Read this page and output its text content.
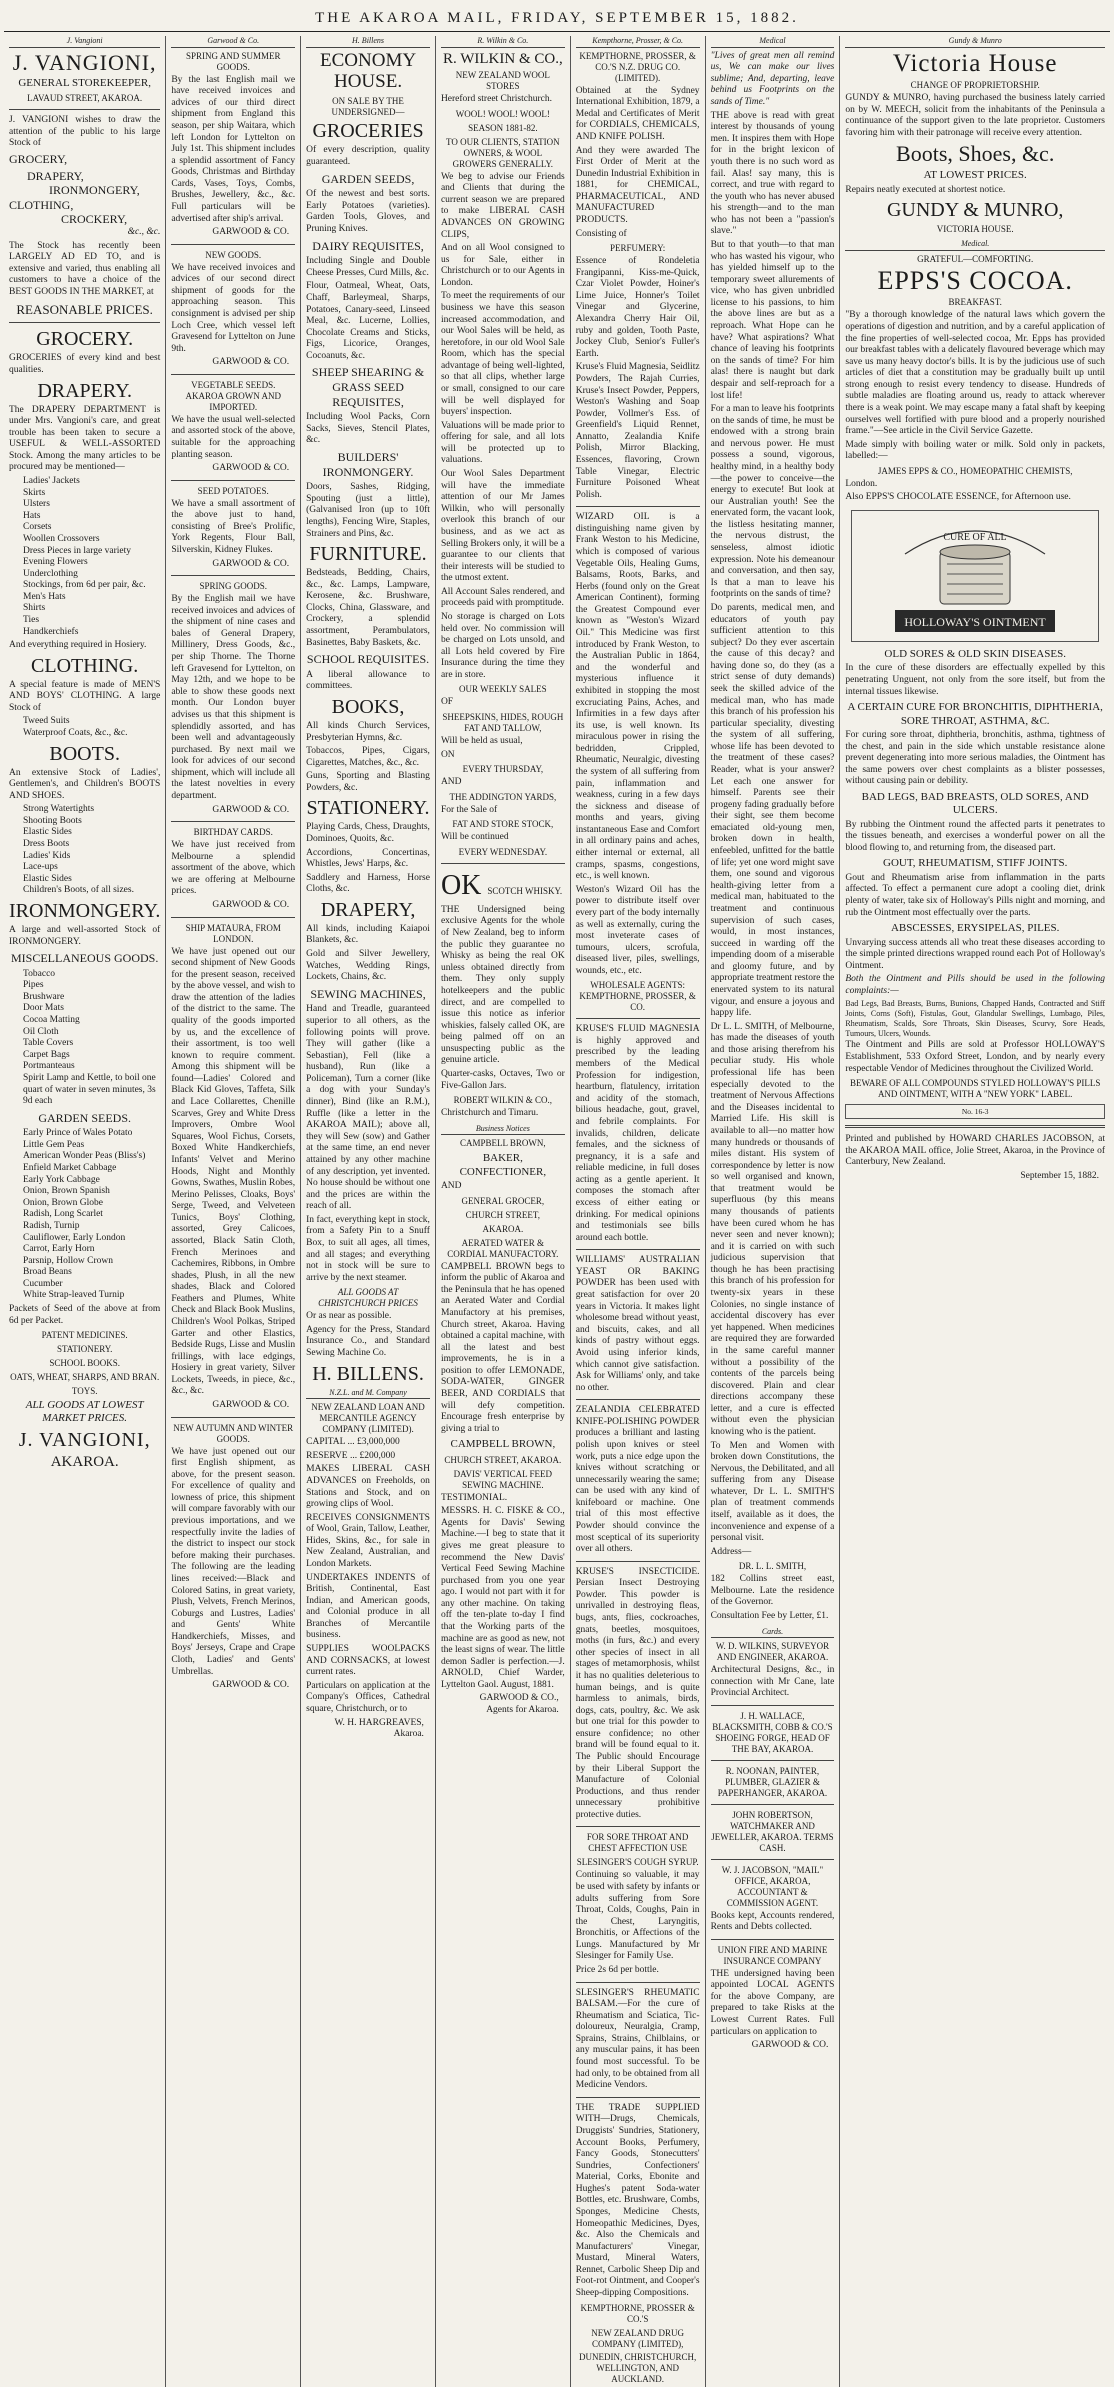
THE AKAROA MAIL, FRIDAY, SEPTEMBER 15, 1882.
J. Vangioni
J. VANGIONI,
GENERAL STOREKEEPER,
LAVAUD STREET, AKAROA.
J. VANGIONI wishes to draw the attention of the public to his large Stock of
GROCERY,
DRAPERY,
IRONMONGERY,
CLOTHING,
CROCKERY,
&c., &c.
The Stock has recently been LARGELY AD ED TO, and is extensive and varied, thus enabling all customers to have a choice of the BEST GOODS IN THE MARKET, at
REASONABLE PRICES.
GROCERY.
GROCERIES of every kind and best qualities.
DRAPERY.
The DRAPERY DEPARTMENT is under Mrs. Vangioni's care, and great trouble has been taken to secure a USEFUL & WELL-ASSORTED Stock. Among the many articles to be procured may be mentioned—
Ladies' Jackets
Skirts
Ulsters
Hats
Corsets
Woollen Crossovers
Dress Pieces in large variety
Evening Flowers
Underclothing
Stockings, from 6d per pair, &c.
Men's Hats
Shirts
Ties
Handkerchiefs
And everything required in Hosiery.
CLOTHING.
A special feature is made of MEN'S AND BOYS' CLOTHING. A large Stock of
Tweed Suits
Waterproof Coats, &c., &c.
BOOTS.
An extensive Stock of Ladies', Gentlemen's, and Children's BOOTS AND SHOES.
Strong Watertights
Shooting Boots
Elastic Sides
Dress Boots
Ladies' Kids
Lace-ups
Elastic Sides
Children's Boots, of all sizes.
IRONMONGERY.
A large and well-assorted Stock of IRONMONGERY.
MISCELLANEOUS GOODS.
Tobacco
Pipes
Brushware
Door Mats
Cocoa Matting
Oil Cloth
Table Covers
Carpet Bags
Portmanteaus
Spirit Lamp and Kettle, to boil one quart of water in seven minutes, 3s 9d each
GARDEN SEEDS.
Early Prince of Wales Potato
Little Gem Peas
American Wonder Peas (Bliss's)
Enfield Market Cabbage
Early York Cabbage
Onion, Brown Spanish
Onion, Brown Globe
Radish, Long Scarlet
Radish, Turnip
Cauliflower, Early London
Carrot, Early Horn
Parsnip, Hollow Crown
Broad Beans
Cucumber
White Strap-leaved Turnip
Packets of Seed of the above at from 6d per Packet.
PATENT MEDICINES.
STATIONERY.
SCHOOL BOOKS.
OATS, WHEAT, SHARPS, AND BRAN.
TOYS.
ALL GOODS AT LOWEST MARKET PRICES.
J. VANGIONI,
AKAROA.
Garwood & Co.
SPRING AND SUMMER GOODS.
By the last English mail we have received invoices and advices of our third direct shipment from England this season, per ship Waitara, which left London for Lyttelton on July 1st. This shipment includes a splendid assortment of Fancy Goods, Christmas and Birthday Cards, Vases, Toys, Combs, Brushes, Jewellery, &c., &c. Full particulars will be advertised after ship's arrival.
GARWOOD & CO.
NEW GOODS.
We have received invoices and advices of our second direct shipment of goods for the approaching season. This consignment is advised per ship Loch Cree, which vessel left Gravesend for Lyttelton on June 9th.
GARWOOD & CO.
VEGETABLE SEEDS. AKAROA GROWN AND IMPORTED.
We have the usual well-selected and assorted stock of the above, suitable for the approaching planting season.
GARWOOD & CO.
SEED POTATOES.
We have a small assortment of the above just to hand, consisting of Bree's Prolific, York Regents, Flour Ball, Silverskin, Kidney Flukes.
GARWOOD & CO.
SPRING GOODS.
By the English mail we have received invoices and advices of the shipment of nine cases and bales of General Drapery, Millinery, Dress Goods, &c., per ship Thorne. The Thorne left Gravesend for Lyttelton, on May 12th, and we hope to be able to show these goods next month. Our London buyer advises us that this shipment is splendidly assorted, and has been well and advantageously purchased. By next mail we look for advices of our second shipment, which will include all the latest novelties in every department.
GARWOOD & CO.
BIRTHDAY CARDS.
We have just received from Melbourne a splendid assortment of the above, which we are offering at Melbourne prices.
GARWOOD & CO.
SHIP MATAURA, FROM LONDON.
We have just opened out our second shipment of New Goods for the present season, received by the above vessel, and wish to draw the attention of the ladies of the district to the same. The quality of the goods imported by us, and the excellence of their assortment, is too well known to require comment. Among this shipment will be found—Ladies' Colored and Black Kid Gloves, Taffeta, Silk and Lace Collarettes, Chenille Scarves, Grey and White Dress Improvers, Ombre Wool Squares, Wool Fichus, Corsets, Boxed White Handkerchiefs, Infants' Velvet and Merino Hoods, Night and Monthly Gowns, Swathes, Muslin Robes, Merino Pelisses, Cloaks, Boys' Serge, Tweed, and Velveteen Tunics, Boys' Clothing, assorted, Grey Calicoes, assorted, Black Satin Cloth, French Merinoes and Cachemires, Ribbons, in Ombre shades, Plush, in all the new shades, Black and Colored Feathers and Plumes, White Check and Black Book Muslins, Children's Wool Polkas, Striped Garter and other Elastics, Bedside Rugs, Lisse and Muslin frillings, with lace edgings, Hosiery in great variety, Silver Lockets, Tweeds, in piece, &c., &c., &c.
GARWOOD & CO.
NEW AUTUMN AND WINTER GOODS.
We have just opened out our first English shipment, as above, for the present season. For excellence of quality and lowness of price, this shipment will compare favorably with our previous importations, and we respectfully invite the ladies of the district to inspect our stock before making their purchases. The following are the leading lines received:—Black and Colored Satins, in great variety, Plush, Velvets, French Merinos, Coburgs and Lustres, Ladies' and Gents' White Handkerchiefs, Misses, and Boys' Jerseys, Crape and Crape Cloth, Ladies' and Gents' Umbrellas.
GARWOOD & CO.
H. Billens
ECONOMY HOUSE.
ON SALE BY THE UNDERSIGNED—
GROCERIES
Of every description, quality guaranteed.
GARDEN SEEDS,
Of the newest and best sorts. Early Potatoes (varieties). Garden Tools, Gloves, and Pruning Knives.
DAIRY REQUISITES,
Including Single and Double Cheese Presses, Curd Mills, &c.
Flour, Oatmeal, Wheat, Oats, Chaff, Barleymeal, Sharps, Potatoes, Canary-seed, Linseed Meal, &c. Lucerne, Lollies, Chocolate Creams and Sticks, Figs, Licorice, Oranges, Cocoanuts, &c.
SHEEP SHEARING & GRASS SEED REQUISITES,
Including Wool Packs, Corn Sacks, Sieves, Stencil Plates, &c.
BUILDERS' IRONMONGERY.
Doors, Sashes, Ridging, Spouting (just a little), (Galvanised Iron (up to 10ft lengths), Fencing Wire, Staples, Strainers and Pins, &c.
FURNITURE.
Bedsteads, Bedding, Chairs, &c., &c. Lamps, Lampware, Kerosene, &c. Brushware, Clocks, China, Glassware, and Crockery, a splendid assortment, Perambulators, Basinettes, Baby Baskets, &c.
SCHOOL REQUISITES.
A liberal allowance to committees.
BOOKS,
All kinds Church Services, Presbyterian Hymns, &c.
Tobaccos, Pipes, Cigars, Cigarettes, Matches, &c., &c.
Guns, Sporting and Blasting Powders, &c.
STATIONERY.
Playing Cards, Chess, Draughts, Dominoes, Quoits, &c.
Accordions, Concertinas, Whistles, Jews' Harps, &c.
Saddlery and Harness, Horse Cloths, &c.
DRAPERY,
All kinds, including Kaiapoi Blankets, &c.
Gold and Silver Jewellery, Watches, Wedding Rings, Lockets, Chains, &c.
SEWING MACHINES,
Hand and Treadle, guaranteed superior to all others, as the following points will prove. They will gather (like a Sebastian), Fell (like a husband), Run (like a Policeman), Turn a corner (like a dog with your Sunday's dinner), Bind (like an R.M.), Ruffle (like a letter in the AKAROA MAIL); above all, they will Sew (sow) and Gather at the same time, an end never attained by any other machine of any description, yet invented. No house should be without one and the prices are within the reach of all.
In fact, everything kept in stock, from a Safety Pin to a Snuff Box, to suit all ages, all times, and all stages; and everything not in stock will be sure to arrive by the next steamer.
ALL GOODS AT CHRISTCHURCH PRICES
Or as near as possible.
Agency for the Press, Standard Insurance Co., and Standard Sewing Machine Co.
H. BILLENS.
N.Z.L. and M. Company
NEW ZEALAND LOAN AND MERCANTILE AGENCY COMPANY (LIMITED).
CAPITAL ... £3,000,000
RESERVE ... £200,000
MAKES LIBERAL CASH ADVANCES on Freeholds, on Stations and Stock, and on growing clips of Wool.
RECEIVES CONSIGNMENTS of Wool, Grain, Tallow, Leather, Hides, Skins, &c., for sale in New Zealand, Australian, and London Markets.
UNDERTAKES INDENTS of British, Continental, East Indian, and American goods, and Colonial produce in all Branches of Mercantile business.
SUPPLIES WOOLPACKS AND CORNSACKS, at lowest current rates.
Particulars on application at the Company's Offices, Cathedral square, Christchurch, or to
W. H. HARGREAVES,
Akaroa.
R. Wilkin & Co.
R. WILKIN & CO.,
NEW ZEALAND WOOL STORES
Hereford street Christchurch.
WOOL! WOOL! WOOL!
SEASON 1881-82.
TO OUR CLIENTS, STATION OWNERS, & WOOL GROWERS GENERALLY.
We beg to advise our Friends and Clients that during the current season we are prepared to make LIBERAL CASH ADVANCES ON GROWING CLIPS,
And on all Wool consigned to us for Sale, either in Christchurch or to our Agents in London.
To meet the requirements of our business we have this season increased accommodation, and our Wool Sales will be held, as heretofore, in our old Wool Sale Room, which has the special advantage of being well-lighted, so that all clips, whether large or small, consigned to our care will be well displayed for buyers' inspection.
Valuations will be made prior to offering for sale, and all lots will be protected up to valuations.
Our Wool Sales Department will have the immediate attention of our Mr James Wilkin, who will personally overlook this branch of our business, and as we act as Selling Brokers only, it will be a guarantee to our clients that their interests will be studied to the utmost extent.
All Account Sales rendered, and proceeds paid with promptitude.
No storage is charged on Lots held over. No commission will be charged on Lots unsold, and all Lots held covered by Fire Insurance during the time they are in store.
OUR WEEKLY SALES
OF
SHEEPSKINS, HIDES, ROUGH FAT AND TALLOW,
Will be held as usual,
ON
EVERY THURSDAY,
AND
THE ADDINGTON YARDS,
For the Sale of
FAT AND STORE STOCK,
Will be continued
EVERY WEDNESDAY.
OK SCOTCH WHISKY.
THE Undersigned being exclusive Agents for the whole of New Zealand, beg to inform the public they guarantee no Whisky as being the real OK unless obtained directly from them. They only supply hotelkeepers and the public direct, and are compelled to issue this notice as inferior whiskies, falsely called OK, are being palmed off on an unsuspecting public as the genuine article.
Quarter-casks, Octaves, Two or Five-Gallon Jars.
ROBERT WILKIN & CO.,
Christchurch and Timaru.
Business Notices
CAMPBELL BROWN,
BAKER, CONFECTIONER,
AND
GENERAL GROCER,
CHURCH STREET,
AKAROA.
AERATED WATER & CORDIAL MANUFACTORY.
CAMPBELL BROWN begs to inform the public of Akaroa and the Peninsula that he has opened an Aerated Water and Cordial Manufactory at his premises, Church street, Akaroa. Having obtained a capital machine, with all the latest and best improvements, he is in a position to offer LEMONADE, SODA-WATER, GINGER BEER, AND CORDIALS that will defy competition. Encourage fresh enterprise by giving a trial to
CAMPBELL BROWN,
CHURCH STREET, AKAROA.
DAVIS' VERTICAL FEED SEWING MACHINE.
TESTIMONIAL.
MESSRS. H. C. FISKE & CO., Agents for Davis' Sewing Machine.—I beg to state that it gives me great pleasure to recommend the New Davis' Vertical Feed Sewing Machine purchased from you one year ago. I would not part with it for any other machine. On taking off the ten-plate to-day I find that the Working parts of the machine are as good as new, not the least signs of wear. The little demon Sadler is perfection.—J. ARNOLD, Chief Warder, Lyttelton Gaol. August, 1881.
GARWOOD & CO.,
Agents for Akaroa.
Kempthorne, Prosser, & Co.
KEMPTHORNE, PROSSER, & CO.'S N.Z. DRUG CO. (LIMITED).
Obtained at the Sydney International Exhibition, 1879, a Medal and Certificates of Merit for CORDIALS, CHEMICALS, AND KNIFE POLISH.
And they were awarded The First Order of Merit at the Dunedin Industrial Exhibition in 1881, for CHEMICAL, PHARMACEUTICAL, AND MANUFACTURED PRODUCTS.
Consisting of
PERFUMERY:
Essence of Rondeletia Frangipanni, Kiss-me-Quick, Czar Violet Powder, Hoiner's Lime Juice, Honner's Toilet Vinegar and Glycerine, Alexandra Cherry Hair Oil, ruby and golden, Tooth Paste, Jockey Club, Senior's Fuller's Earth.
Kruse's Fluid Magnesia, Seidlitz Powders, The Rajah Curries, Kruse's Insect Powder, Peppers, Weston's Washing and Soap Powder, Vollmer's Ess. of Greenfield's Liquid Rennet, Annatto, Zealandia Knife Polish, Mirror Blacking, Essences, flavoring, Crown Table Vinegar, Electric Furniture Poisoned Wheat Polish.
WIZARD OIL is a distinguishing name given by Frank Weston to his Medicine, which is composed of various Vegetable Oils, Healing Gums, Balsams, Roots, Barks, and Herbs (found only on the Great American Continent), forming the Greatest Compound ever known as "Weston's Wizard Oil." This Medicine was first introduced by Frank Weston, to the Australian Public in 1864, and the wonderful and mysterious influence it exhibited in stopping the most excruciating Pains, Aches, and Infirmities in a few days after its use, is well known. Its miraculous power in rising the bedridden, Crippled, Rheumatic, Neuralgic, divesting the system of all suffering from pain, inflammation and weakness, curing in a few days the sickness and disease of months and years, giving instantaneous Ease and Comfort in all ordinary pains and aches, either internal or external, all cramps, spasms, congestions, etc., is well known.
Weston's Wizard Oil has the power to distribute itself over every part of the body internally as well as externally, curing the most inveterate cases of tumours, ulcers, scrofula, diseased liver, piles, swellings, wounds, etc., etc.
WHOLESALE AGENTS: KEMPTHORNE, PROSSER, & CO.
KRUSE'S FLUID MAGNESIA is highly approved and prescribed by the leading members of the Medical Profession for indigestion, heartburn, flatulency, irritation and acidity of the stomach, bilious headache, gout, gravel, and febrile complaints. For invalids, children, delicate females, and the sickness of pregnancy, it is a safe and reliable medicine, in full doses acting as a gentle aperient. It composes the stomach after excess of either eating or drinking. For medical opinions and testimonials see bills around each bottle.
WILLIAMS' AUSTRALIAN YEAST OR BAKING POWDER has been used with great satisfaction for over 20 years in Victoria. It makes light wholesome bread without yeast, and biscuits, cakes, and all kinds of pastry without eggs. Avoid using inferior kinds, which cannot give satisfaction. Ask for Williams' only, and take no other.
ZEALANDIA CELEBRATED KNIFE-POLISHING POWDER produces a brilliant and lasting polish upon knives or steel work, puts a nice edge upon the knives without scratching or unnecessarily wearing the same; can be used with any kind of knifeboard or machine. One trial of this most effective Powder should convince the most sceptical of its superiority over all others.
KRUSE'S INSECTICIDE. Persian Insect Destroying Powder. This powder is unrivalled in destroying fleas, bugs, ants, flies, cockroaches, gnats, beetles, mosquitoes, moths (in furs, &c.) and every other species of insect in all stages of metamorphosis, whilst it has no qualities deleterious to human beings, and is quite harmless to animals, birds, dogs, cats, poultry, &c. We ask but one trial for this powder to ensure confidence; no other brand will be found equal to it. The Public should Encourage by their Liberal Support the Manufacture of Colonial Productions, and thus render unnecessary prohibitive protective duties.
FOR SORE THROAT AND CHEST AFFECTION USE
SLESINGER'S COUGH SYRUP.
Continuing so valuable, it may be used with safety by infants or adults suffering from Sore Throat, Colds, Coughs, Pain in the Chest, Laryngitis, Bronchitis, or Affections of the Lungs. Manufactured by Mr Slesinger for Family Use.
Price 2s 6d per bottle.
SLESINGER'S RHEUMATIC BALSAM.—For the cure of Rheumatism and Sciatica, Tic-doloureux, Neuralgia, Cramp, Sprains, Strains, Chilblains, or any muscular pains, it has been found most successful. To be had only, to be obtained from all Medicine Vendors.
THE TRADE SUPPLIED WITH—Drugs, Chemicals, Druggists' Sundries, Stationery, Account Books, Perfumery, Fancy Goods, Stonecutters' Sundries, Confectioners' Material, Corks, Ebonite and Hughes's patent Soda-water Bottles, etc. Brushware, Combs, Sponges, Medicine Chests, Homeopathic Medicines, Dyes, &c. Also the Chemicals and Manufacturers' Vinegar, Mustard, Mineral Waters, Rennet, Carbolic Sheep Dip and Foot-rot Ointment, and Cooper's Sheep-dipping Compositions.
KEMPTHORNE, PROSSER & CO.'S
NEW ZEALAND DRUG COMPANY (LIMITED),
DUNEDIN, CHRISTCHURCH, WELLINGTON, AND AUCKLAND.
Medical
"Lives of great men all remind us, We can make our lives sublime; And, departing, leave behind us Footprints on the sands of Time."
THE above is read with great interest by thousands of young men. It inspires them with Hope for in the bright lexicon of youth there is no such word as fail. Alas! say many, this is correct, and true with regard to the youth who has never abused his strength—and to the man who has not been a "passion's slave."
But to that youth—to that man who has wasted his vigour, who has yielded himself up to the temporary sweet allurements of vice, who has given unbridled license to his passions, to him the above lines are but as a reproach. What Hope can he have? What aspirations? What chance of leaving his footprints on the sands of time? For him alas! there is naught but dark despair and self-reproach for a lost life!
For a man to leave his footprints on the sands of time, he must be endowed with a strong brain and nervous power. He must possess a sound, vigorous, healthy mind, in a healthy body—the power to conceive—the energy to execute! But look at our Australian youth! See the enervated form, the vacant look, the listless hesitating manner, the nervous distrust, the senseless, almost idiotic expression. Note his demeanour and conversation, and then say, Is that a man to leave his footprints on the sands of time?
Do parents, medical men, and educators of youth pay sufficient attention to this subject? Do they ever ascertain the cause of this decay? and having done so, do they (as a strict sense of duty demands) seek the skilled advice of the medical man, who has made this branch of his profession his particular speciality, divesting the system of all suffering, whose life has been devoted to the treatment of these cases? Reader, what is your answer? Let each one answer for himself. Parents see their progeny fading gradually before their sight, see them become emaciated old-young men, broken down in health, enfeebled, unfitted for the battle of life; yet one word might save them, one sound and vigorous health-giving letter from a medical man, habituated to the treatment and continuous supervision of such cases, would, in most instances, succeed in warding off the impending doom of a miserable and gloomy future, and by appropriate treatment restore the enervated system to its natural vigour, and ensure a joyous and happy life.
Dr L. L. SMITH, of Melbourne, has made the diseases of youth and those arising therefrom his peculiar study. His whole professional life has been especially devoted to the treatment of Nervous Affections and the Diseases incidental to Married Life. His skill is available to all—no matter how many hundreds or thousands of miles distant. His system of correspondence by letter is now so well organised and known, that treatment would be superfluous (by this means many thousands of patients have been cured whom he has never seen and never known); and it is carried on with such judicious supervision that though he has been practising this branch of his profession for twenty-six years in these Colonies, no single instance of accidental discovery has ever yet happened. When medicines are required they are forwarded in the same careful manner without a possibility of the contents of the parcels being discovered. Plain and clear directions accompany these letter, and a cure is effected without even the physician knowing who is the patient.
To Men and Women with broken down Constitutions, the Nervous, the Debilitated, and all suffering from any Disease whatever, Dr L. L. SMITH'S plan of treatment commends itself, available as it does, the inconvenience and expense of a personal visit.
Address—
DR. L. L. SMITH,
182 Collins street east, Melbourne. Late the residence of the Governor.
Consultation Fee by Letter, £1.
Cards.
W. D. WILKINS, SURVEYOR AND ENGINEER, AKAROA.
Architectural Designs, &c., in connection with Mr Cane, late Provincial Architect.
J. H. WALLACE, BLACKSMITH, COBB & CO.'S SHOEING FORGE, HEAD OF THE BAY, AKAROA.
R. NOONAN, PAINTER, PLUMBER, GLAZIER & PAPERHANGER, AKAROA.
JOHN ROBERTSON, WATCHMAKER AND JEWELLER, AKAROA. TERMS CASH.
W. J. JACOBSON, "MAIL" OFFICE, AKAROA, ACCOUNTANT & COMMISSION AGENT.
Books kept, Accounts rendered, Rents and Debts collected.
UNION FIRE AND MARINE INSURANCE COMPANY
THE undersigned having been appointed LOCAL AGENTS for the above Company, are prepared to take Risks at the Lowest Current Rates. Full particulars on application to
GARWOOD & CO.
Gundy & Munro
Victoria House
CHANGE OF PROPRIETORSHIP.
GUNDY & MUNRO, having purchased the business lately carried on by W. MEECH, solicit from the inhabitants of the Peninsula a continuance of the support given to the late proprietor. Customers favoring him with their patronage will receive every attention.
Boots, Shoes, &c.
AT LOWEST PRICES.
Repairs neatly executed at shortest notice.
GUNDY & MUNRO,
VICTORIA HOUSE.
Medical.
GRATEFUL—COMFORTING.
EPPS'S COCOA.
BREAKFAST.
"By a thorough knowledge of the natural laws which govern the operations of digestion and nutrition, and by a careful application of the fine properties of well-selected cocoa, Mr. Epps has provided our breakfast tables with a delicately flavoured beverage which may save us many heavy doctor's bills. It is by the judicious use of such articles of diet that a constitution may be gradually built up until strong enough to resist every tendency to disease. Hundreds of subtle maladies are floating around us, ready to attack wherever there is a weak point. We may escape many a fatal shaft by keeping ourselves well fortified with pure blood and a properly nourished frame."—See article in the Civil Service Gazette.
Made simply with boiling water or milk. Sold only in packets, labelled:—
JAMES EPPS & CO., HOMEOPATHIC CHEMISTS,
London.
Also EPPS'S CHOCOLATE ESSENCE, for Afternoon use.
CURE OF ALL
HOLLOWAY'S OINTMENT
OLD SORES & OLD SKIN DISEASES.
In the cure of these disorders are effectually expelled by this penetrating Unguent, not only from the sore itself, but from the internal tissues likewise.
A CERTAIN CURE FOR BRONCHITIS, DIPHTHERIA, SORE THROAT, ASTHMA, &C.
For curing sore throat, diphtheria, bronchitis, asthma, tightness of the chest, and pain in the side which unstable resistance alone prevent degenerating into more serious maladies, the Ointment has the same powers over chest complaints as a blister possesses, without causing pain or debility.
BAD LEGS, BAD BREASTS, OLD SORES, AND ULCERS.
By rubbing the Ointment round the affected parts it penetrates to the tissues beneath, and exercises a wonderful power on all the blood flowing to, and returning from, the diseased part.
GOUT, RHEUMATISM, STIFF JOINTS.
Gout and Rheumatism arise from inflammation in the parts affected. To effect a permanent cure adopt a cooling diet, drink plenty of water, take six of Holloway's Pills night and morning, and rub the Ointment most effectually over the parts.
ABSCESSES, ERYSIPELAS, PILES.
Unvarying success attends all who treat these diseases according to the simple printed directions wrapped round each Pot of Holloway's Ointment.
Both the Ointment and Pills should be used in the following complaints:—
Bad Legs, Bad Breasts, Burns, Bunions, Chapped Hands, Contracted and Stiff Joints, Corns (Soft), Fistulas, Gout, Glandular Swellings, Lumbago, Piles, Rheumatism, Scalds, Sore Throats, Skin Diseases, Scurvy, Sore Heads, Tumours, Ulcers, Wounds.
The Ointment and Pills are sold at Professor HOLLOWAY'S Establishment, 533 Oxford Street, London, and by nearly every respectable Vendor of Medicines throughout the Civilized World.
BEWARE OF ALL COMPOUNDS STYLED HOLLOWAY'S PILLS AND OINTMENT, WITH A "NEW YORK" LABEL.
No. 16-3
Printed and published by HOWARD CHARLES JACOBSON, at the AKAROA MAIL office, Jolie Street, Akaroa, in the Province of Canterbury, New Zealand.
September 15, 1882.
